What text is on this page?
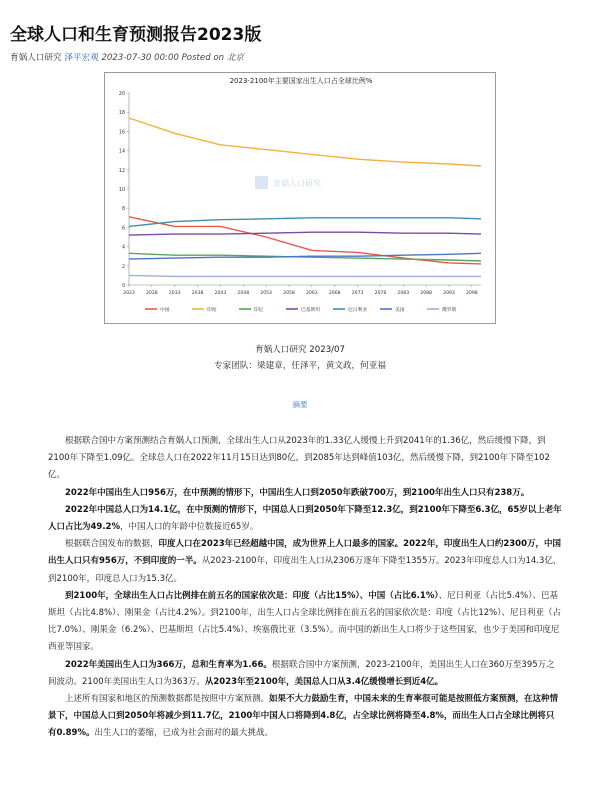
全球人口和生育预测报告2023版
育娲人口研究 泽平宏观 2023-07-30 00:00 Posted on 北京
2023-2100年主要国家出生人口占全球比例%
育娲人口研究
0
2
4
6
8
10
12
14
16
18
20
2023 2028 2033 2038 2043 2048 2053 2058 2063 2068 2073 2078 2083 2088 2093 2098
中国	印度	印尼	巴基斯坦	尼日利亚	美国	俄罗斯
育娲人口研究 2023/07
专家团队：梁建章，任泽平，黄文政，何亚福
摘要

根据联合国中方案预测结合育娲人口预测，全球出生人口从2023年的1.33亿人缓慢上升到2041年的1.36亿，然后缓慢下降，到2100年下降至1.09亿。全球总人口在2022年11月15日达到80亿，到2085年达到峰值103亿，然后缓慢下降，到2100年下降至102亿。

2022年中国出生人口956万，在中预测的情形下，中国出生人口到2050年跌破700万，到2100年出生人口只有238万。

2022年中国总人口为14.1亿，在中预测的情形下，中国总人口到2050年下降至12.3亿，到2100年下降至6.3亿，65岁以上老年人口占比为49.2%，中国人口的年龄中位数接近65岁。

根据联合国发布的数据，印度人口在2023年已经超越中国，成为世界上人口最多的国家。2022年，印度出生人口约2300万，中国出生人口只有956万，不到印度的一半。从2023-2100年，印度出生人口从2306万逐年下降至1355万。2023年印度总人口为14.3亿，到2100年，印度总人口为15.3亿。

到2100年，全球出生人口占比例排在前五名的国家依次是：印度（占比15%）、中国（占比6.1%）、尼日利亚（占比5.4%）、巴基斯坦（占比4.8%）、刚果金（占比4.2%）。到2100年，出生人口占全球比例排在前五名的国家依次是：印度（占比12%）、尼日利亚（占比7.0%）、刚果金（6.2%）、巴基斯坦（占比5.4%）、埃塞俄比亚（3.5%）。而中国的新出生人口将少于这些国家，也少于美国和印度尼西亚等国家。

2022年美国出生人口为366万，总和生育率为1.66。根据联合国中方案预测，2023-2100年，美国出生人口在360万至395万之间波动。2100年美国出生人口为363万。从2023年至2100年，美国总人口从3.4亿缓慢增长到近4亿。

上述所有国家和地区的预测数据都是按照中方案预测。如果不大力鼓励生育，中国未来的生育率很可能是按照低方案预测，在这种情景下，中国总人口到2050年将减少到11.7亿，2100年中国人口将降到4.8亿，占全球比例将降至4.8%，而出生人口占全球比例将只有0.89%。出生人口的萎缩，已成为社会面对的最大挑战。
